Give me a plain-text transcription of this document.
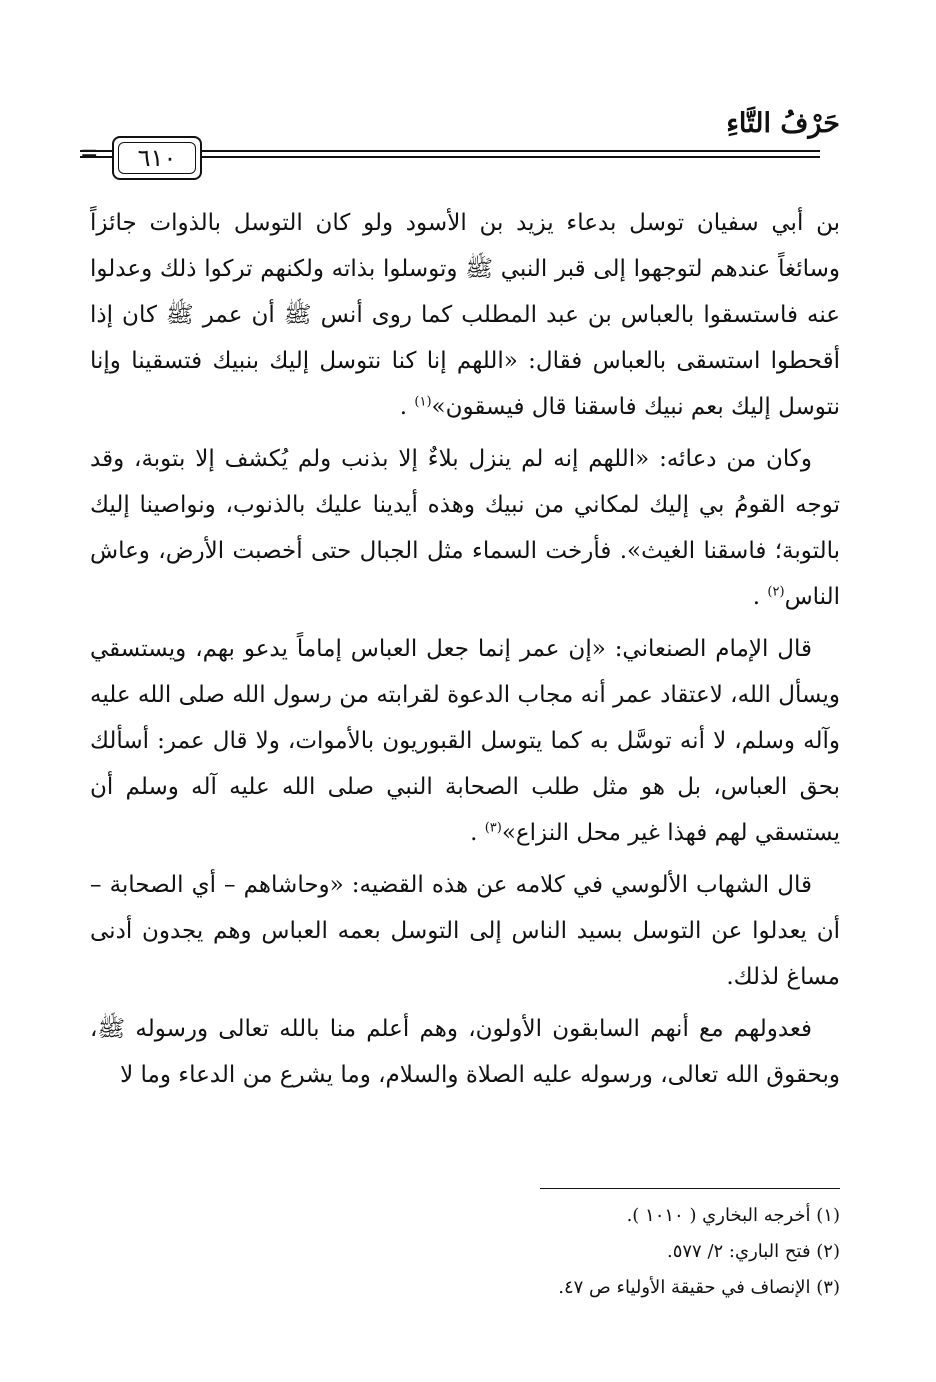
حَرْفُ التَّاءِ
٦١٠
=

بن أبي سفيان توسل بدعاء يزيد بن الأسود ولو كان التوسل بالذوات جائزاً وسائغاً عندهم لتوجهوا إلى قبر النبي ﷺ وتوسلوا بذاته ولكنهم تركوا ذلك وعدلوا عنه فاستسقوا بالعباس بن عبد المطلب كما روى أنس ﷺ أن عمر ﷺ كان إذا أقحطوا استسقى بالعباس فقال: «اللهم إنا كنا نتوسل إليك بنبيك فتسقينا وإنا نتوسل إليك بعم نبيك فاسقنا قال فيسقون»$^{(١)}$ .

وكان من دعائه: «اللهم إنه لم ينزل بلاءٌ إلا بذنب ولم يُكشف إلا بتوبة، وقد توجه القومُ بي إليك لمكاني من نبيك وهذه أيدينا عليك بالذنوب، ونواصينا إليك بالتوبة؛ فاسقنا الغيث». فأرخت السماء مثل الجبال حتى أخصبت الأرض، وعاش الناس$^{(٢)}$ .

قال الإمام الصنعاني: «إن عمر إنما جعل العباس إماماً يدعو بهم، ويستسقي ويسأل الله، لاعتقاد عمر أنه مجاب الدعوة لقرابته من رسول الله صلى الله عليه وآله وسلم، لا أنه توسَّل به كما يتوسل القبوريون بالأموات، ولا قال عمر: أسألك بحق العباس، بل هو مثل طلب الصحابة النبي صلى الله عليه آله وسلم أن يستسقي لهم فهذا غير محل النزاع»$^{(٣)}$ .

قال الشهاب الألوسي في كلامه عن هذه القضيه: «وحاشاهم – أي الصحابة – أن يعدلوا عن التوسل بسيد الناس إلى التوسل بعمه العباس وهم يجدون أدنى مساغ لذلك.

فعدولهم مع أنهم السابقون الأولون، وهم أعلم منا بالله تعالى ورسوله ﷺ، وبحقوق الله تعالى، ورسوله عليه الصلاة والسلام، وما يشرع من الدعاء وما لا

(١) أخرجه البخاري ( ١٠١٠ ).
(٢) فتح الباري: ٢/ ٥٧٧.
(٣) الإنصاف في حقيقة الأولياء ص ٤٧.
